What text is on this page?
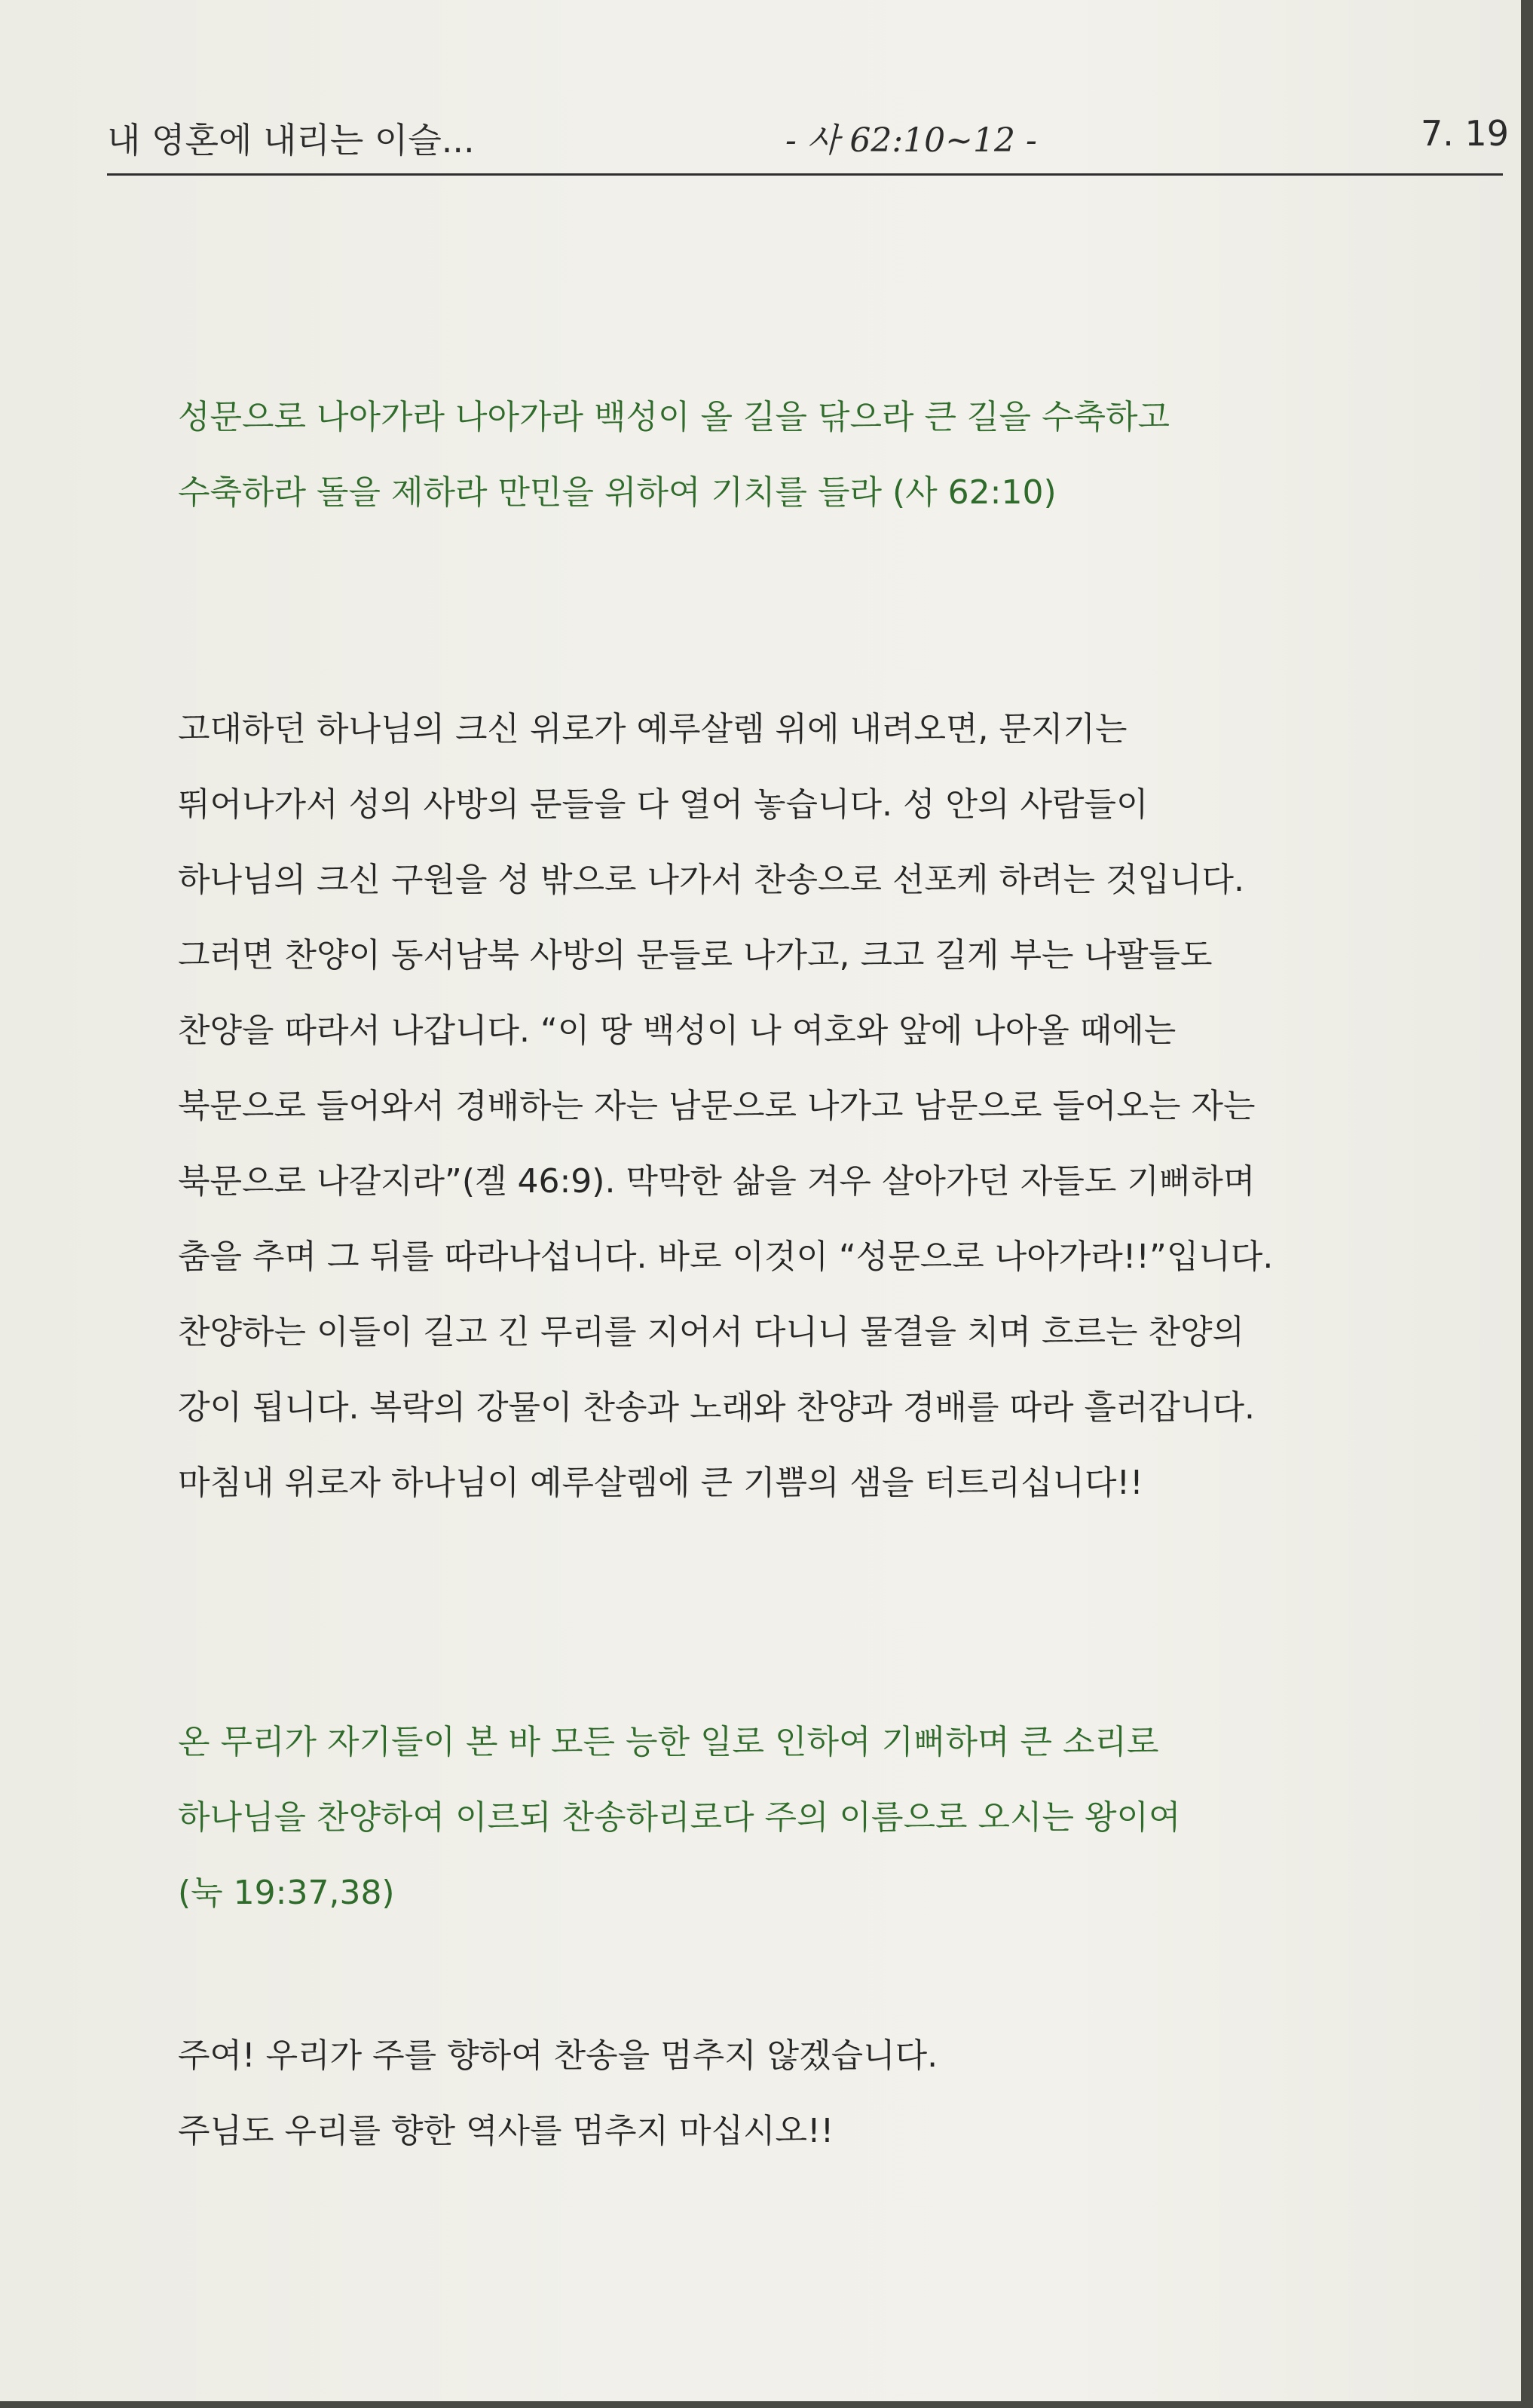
내 영혼에 내리는 이슬...	- 사 62:10~12 -	7. 19
성문으로 나아가라 나아가라 백성이 올 길을 닦으라 큰 길을 수축하고
수축하라 돌을 제하라 만민을 위하여 기치를 들라 (사 62:10)
고대하던 하나님의 크신 위로가 예루살렘 위에 내려오면, 문지기는
뛰어나가서 성의 사방의 문들을 다 열어 놓습니다. 성 안의 사람들이
하나님의 크신 구원을 성 밖으로 나가서 찬송으로 선포케 하려는 것입니다.
그러면 찬양이 동서남북 사방의 문들로 나가고, 크고 길게 부는 나팔들도
찬양을 따라서 나갑니다. “이 땅 백성이 나 여호와 앞에 나아올 때에는
북문으로 들어와서 경배하는 자는 남문으로 나가고 남문으로 들어오는 자는
북문으로 나갈지라”(겔 46:9). 막막한 삶을 겨우 살아가던 자들도 기뻐하며
춤을 추며 그 뒤를 따라나섭니다. 바로 이것이 “성문으로 나아가라!!”입니다.
찬양하는 이들이 길고 긴 무리를 지어서 다니니 물결을 치며 흐르는 찬양의
강이 됩니다. 복락의 강물이 찬송과 노래와 찬양과 경배를 따라 흘러갑니다.
마침내 위로자 하나님이 예루살렘에 큰 기쁨의 샘을 터트리십니다!!
온 무리가 자기들이 본 바 모든 능한 일로 인하여 기뻐하며 큰 소리로
하나님을 찬양하여 이르되 찬송하리로다 주의 이름으로 오시는 왕이여
(눅 19:37,38)
주여! 우리가 주를 향하여 찬송을 멈추지 않겠습니다.
주님도 우리를 향한 역사를 멈추지 마십시오!!
